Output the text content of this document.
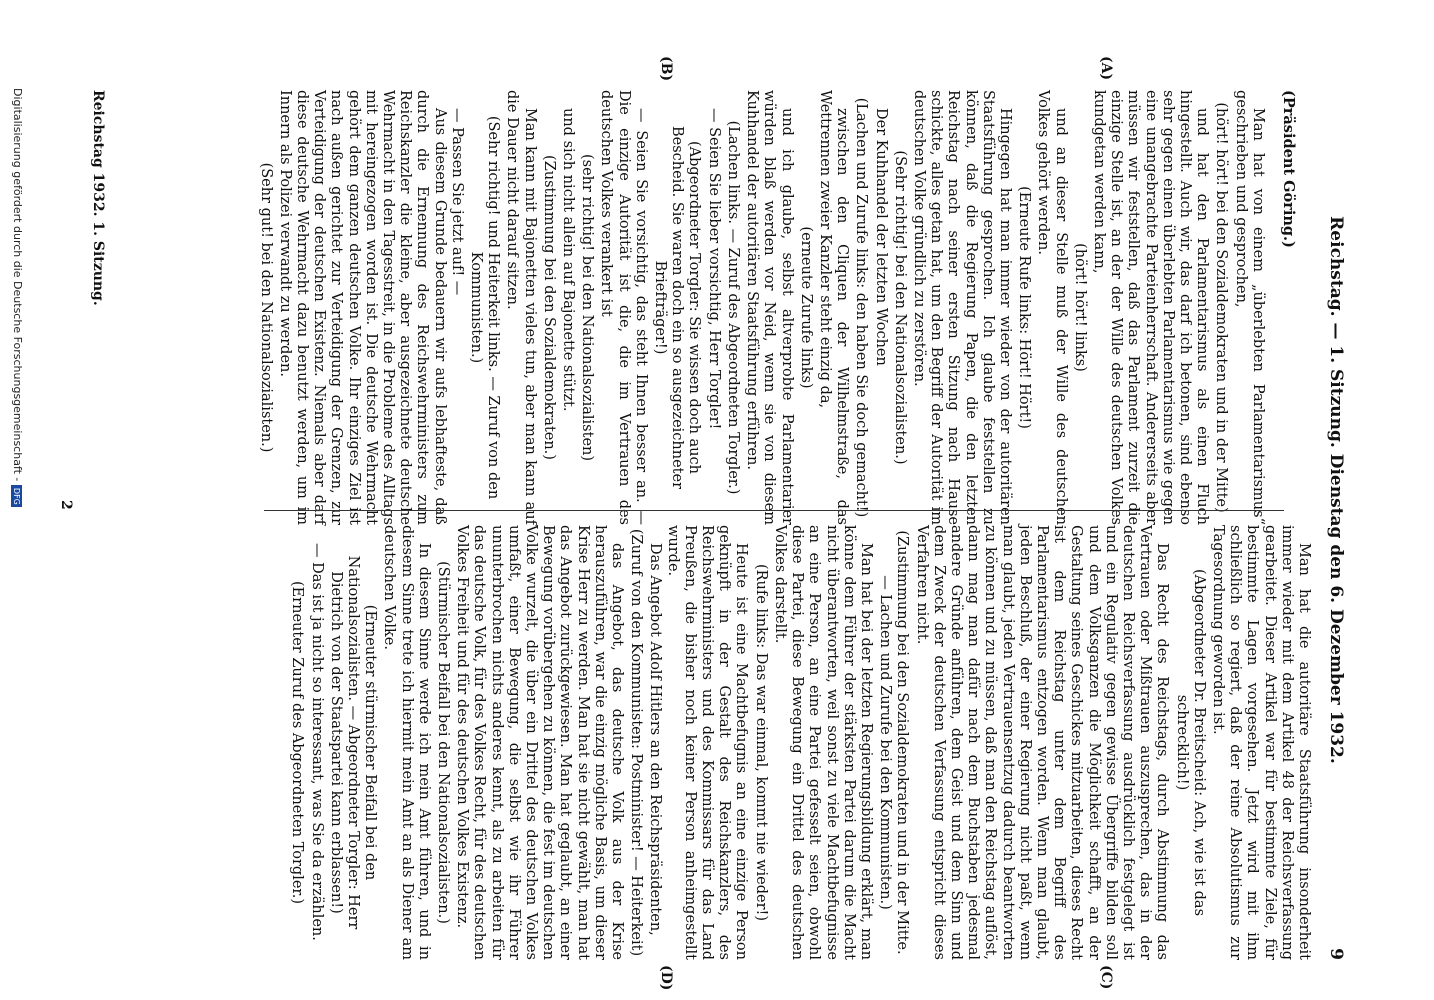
Reichstag. — 1. Sitzung. Dienstag den 6. Dezember 1932.
9
(A)
(B)
(C)
(D)

(Präsident Göring.)

Man hat von einem „überlebten Parlamentarismus“ geschrieben und gesprochen,

(hört! hört! bei den Sozialdemokraten und in der Mitte)

und hat den Parlamentarismus als einen Fluch hingestellt. Auch wir, das darf ich betonen, sind ebenso sehr gegen einen überlebten Parlamentarismus wie gegen eine unangebrachte Parteienherrschaft. Andererseits aber müssen wir feststellen, daß das Parlament zurzeit die einzige Stelle ist, an der der Wille des deutschen Volkes kundgetan werden kann,

(hört! hört! links)

und an dieser Stelle muß der Wille des deutschen Volkes gehört werden.

(Erneute Rufe links: Hört! Hört!)

Hingegen hat man immer wieder von der autoritären Staatsführung gesprochen. Ich glaube feststellen zu können, daß die Regierung Papen, die den letzten Reichstag nach seiner ersten Sitzung nach Hause schickte, alles getan hat, um den Begriff der Autorität im deutschen Volke gründlich zu zerstören.

(Sehr richtig! bei den Nationalsozialisten.)

Der Kuhhandel der letzten Wochen

(Lachen und Zurufe links: den haben Sie doch gemacht!)

zwischen den Cliquen der Wilhelmstraße, das Wettrennen zweier Kanzler steht einzig da,

(erneute Zurufe links)

und ich glaube, selbst altverprobte Parlamentarier würden blaß werden vor Neid, wenn sie von diesem Kuhhandel der autoritären Staatsführung erführen.

(Lachen links. — Zuruf des Abgeordneten Torgler.)

— Seien Sie lieber vorsichtig, Herr Torgler!

(Abgeordneter Torgler: Sie wissen doch auch Bescheid. Sie waren doch ein so ausgezeichneter Briefträger!)

— Seien Sie vorsichtig, das steht Ihnen besser an. — Die einzige Autorität ist die, die im Vertrauen des deutschen Volkes verankert ist

(sehr richtig! bei den Nationalsozialisten)

und sich nicht allein auf Bajonette stützt.

(Zustimmung bei den Sozialdemokraten.)

Man kann mit Bajonetten vieles tun, aber man kann auf die Dauer nicht darauf sitzen.

(Sehr richtig! und Heiterkeit links. — Zuruf von den Kommunisten.)

— Passen Sie jetzt auf! —

Aus diesem Grunde bedauern wir aufs lebhafteste, daß durch die Ernennung des Reichswehrministers zum Reichskanzler die kleine, aber ausgezeichnete deutsche Wehrmacht in den Tagesstreit, in die Probleme des Alltags mit hereingezogen worden ist. Die deutsche Wehrmacht gehört dem ganzen deutschen Volke. Ihr einziges Ziel ist nach außen gerichtet zur Verteidigung der Grenzen, zur Verteidigung der deutschen Existenz. Niemals aber darf diese deutsche Wehrmacht dazu benutzt werden, um im Innern als Polizei verwandt zu werden.

(Sehr gut! bei den Nationalsozialisten.)

Man hat die autoritäre Staatsführung insonderheit immer wieder mit dem Artikel 48 der Reichsverfassung gearbeitet. Dieser Artikel war für bestimmte Ziele, für bestimmte Lagen vorgesehen. Jetzt wird mit ihm schließlich so regiert, daß der reine Absolutismus zur Tagesordnung geworden ist.

(Abgeordneter Dr. Breitscheid: Ach, wie ist das schrecklich!)

Das Recht des Reichstags, durch Abstimmung das Vertrauen oder Mißtrauen auszusprechen, das in der deutschen Reichsverfassung ausdrücklich festgelegt ist und ein Regulativ gegen gewisse Übergriffe bilden soll und dem Volksganzen die Möglichkeit schafft, an der Gestaltung seines Geschickes mitzuarbeiten, dieses Recht ist dem Reichstag unter dem Begriff des Parlamentarismus entzogen worden. Wenn man glaubt, jeden Beschluß, der einer Regierung nicht paßt, wenn man glaubt, jeden Vertrauensentzug dadurch beantworten zu können und zu müssen, daß man den Reichstag auflöst, dann mag man dafür nach dem Buchstaben jedesmal andere Gründe anführen, dem Geist und dem Sinn und dem Zweck der deutschen Verfassung entspricht dieses Verfahren nicht.

(Zustimmung bei den Sozialdemokraten und in der Mitte. — Lachen und Zurufe bei den Kommunisten.)

Man hat bei der letzten Regierungsbildung erklärt, man könne dem Führer der stärksten Partei darum die Macht nicht überantworten, weil sonst zu viele Machtbefugnisse an eine Person, an eine Partei gefesselt seien, obwohl diese Partei, diese Bewegung ein Drittel des deutschen Volkes darstellt.

(Rufe links: Das war einmal, kommt nie wieder!)

Heute ist eine Machtbefugnis an eine einzige Person geknüpft in der Gestalt des Reichskanzlers, des Reichswehrministers und des Kommissars für das Land Preußen, die bisher noch keiner Person anheimgestellt wurde.

Das Angebot Adolf Hitlers an den Reichspräsidenten,

(Zuruf von den Kommunisten: Postminister! — Heiterkeit)

das Angebot, das deutsche Volk aus der Krise herauszuführen, war die einzig mögliche Basis, um dieser Krise Herr zu werden. Man hat sie nicht gewählt, man hat das Angebot zurückgewiesen. Man hat geglaubt, an einer Bewegung vorübergehen zu können, die fest im deutschen Volke wurzelt, die über ein Drittel des deutschen Volkes umfaßt, einer Bewegung, die selbst wie ihr Führer ununterbrochen nichts anderes kennt, als zu arbeiten für das deutsche Volk, für des Volkes Recht, für des deutschen Volkes Freiheit und für des deutschen Volkes Existenz.

(Stürmischer Beifall bei den Nationalsozialisten.)

In diesem Sinne werde ich mein Amt führen, und in diesem Sinne trete ich hiermit mein Amt an als Diener am deutschen Volke.

(Erneuter stürmischer Beifall bei den Nationalsozialisten. — Abgeordneter Torgler: Herr Dietrich von der Staatspartei kann erblassen!)

— Das ist ja nicht so interessant, was Sie da erzählen.

(Erneuter Zuruf des Abgeordneten Torgler.)

Reichstag 1932. 1. Sitzung.
2
Digitalisierung gefördert durch die Deutsche Forschungsgemeinschaft -DFG
